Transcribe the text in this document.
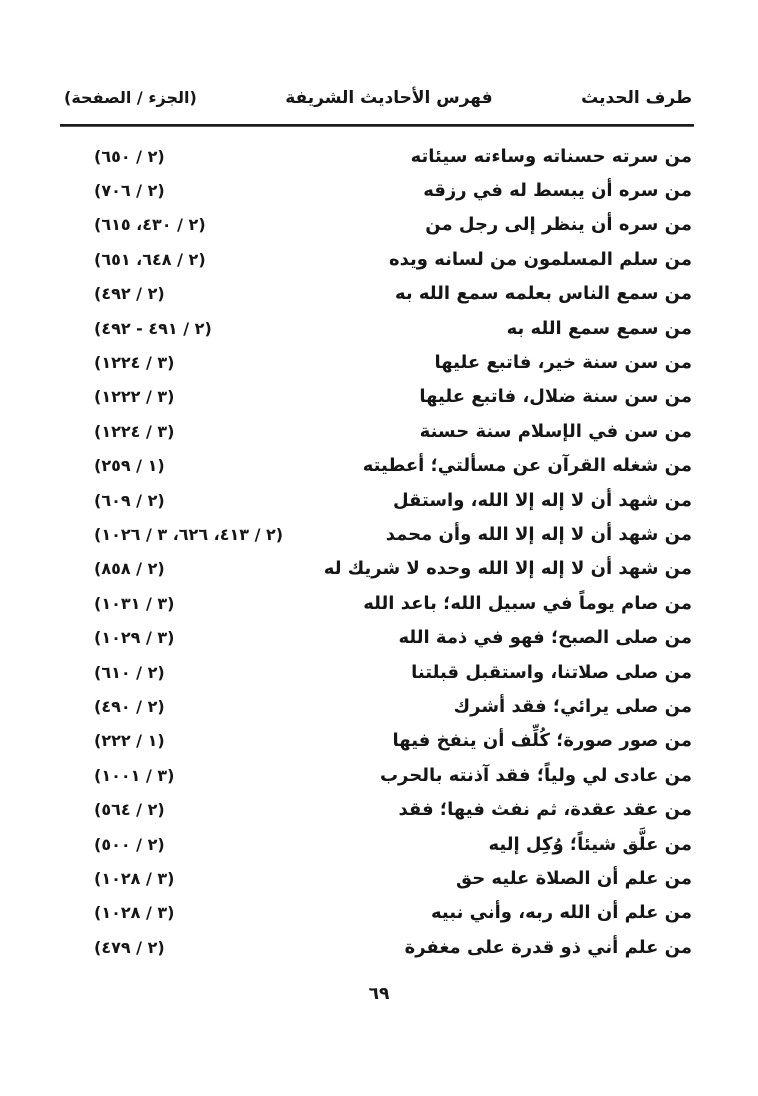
طرف الحديث
فهرس الأحاديث الشريفة
(الجزء / الصفحة)
من سرته حسناته وساءته سيئاته
(٢ / ٦٥٠)
من سره أن يبسط له في رزقه
(٢ / ٧٠٦)
من سره أن ينظر إلى رجل من
(٢ / ٤٣٠، ٦١٥)
من سلم المسلمون من لسانه ويده
(٢ / ٦٤٨، ٦٥١)
من سمع الناس بعلمه سمع الله به
(٢ / ٤٩٢)
من سمع سمع الله به
(٢ / ٤٩١ - ٤٩٢)
من سن سنة خير، فاتبع عليها
(٣ / ١٢٢٤)
من سن سنة ضلال، فاتبع عليها
(٣ / ١٢٢٢)
من سن في الإسلام سنة حسنة
(٣ / ١٢٢٤)
من شغله القرآن عن مسألتي؛ أعطيته
(١ / ٢٥٩)
من شهد أن لا إله إلا الله، واستقل
(٢ / ٦٠٩)
من شهد أن لا إله إلا الله وأن محمد
(٢ / ٤١٣، ٦٢٦، ٣ / ١٠٢٦)
من شهد أن لا إله إلا الله وحده لا شريك له
(٢ / ٨٥٨)
من صام يوماً في سبيل الله؛ باعد الله
(٣ / ١٠٣١)
من صلى الصبح؛ فهو في ذمة الله
(٣ / ١٠٢٩)
من صلى صلاتنا، واستقبل قبلتنا
(٢ / ٦١٠)
من صلى يرائي؛ فقد أشرك
(٢ / ٤٩٠)
من صور صورة؛ كُلِّف أن ينفخ فيها
(١ / ٢٢٢)
من عادى لي ولياً؛ فقد آذنته بالحرب
(٣ / ١٠٠١)
من عقد عقدة، ثم نفث فيها؛ فقد
(٢ / ٥٦٤)
من علَّق شيئاً؛ وُكِل إليه
(٢ / ٥٠٠)
من علم أن الصلاة عليه حق
(٣ / ١٠٢٨)
من علم أن الله ربه، وأني نبيه
(٣ / ١٠٢٨)
من علم أني ذو قدرة على مغفرة
(٢ / ٤٧٩)
٦٩
